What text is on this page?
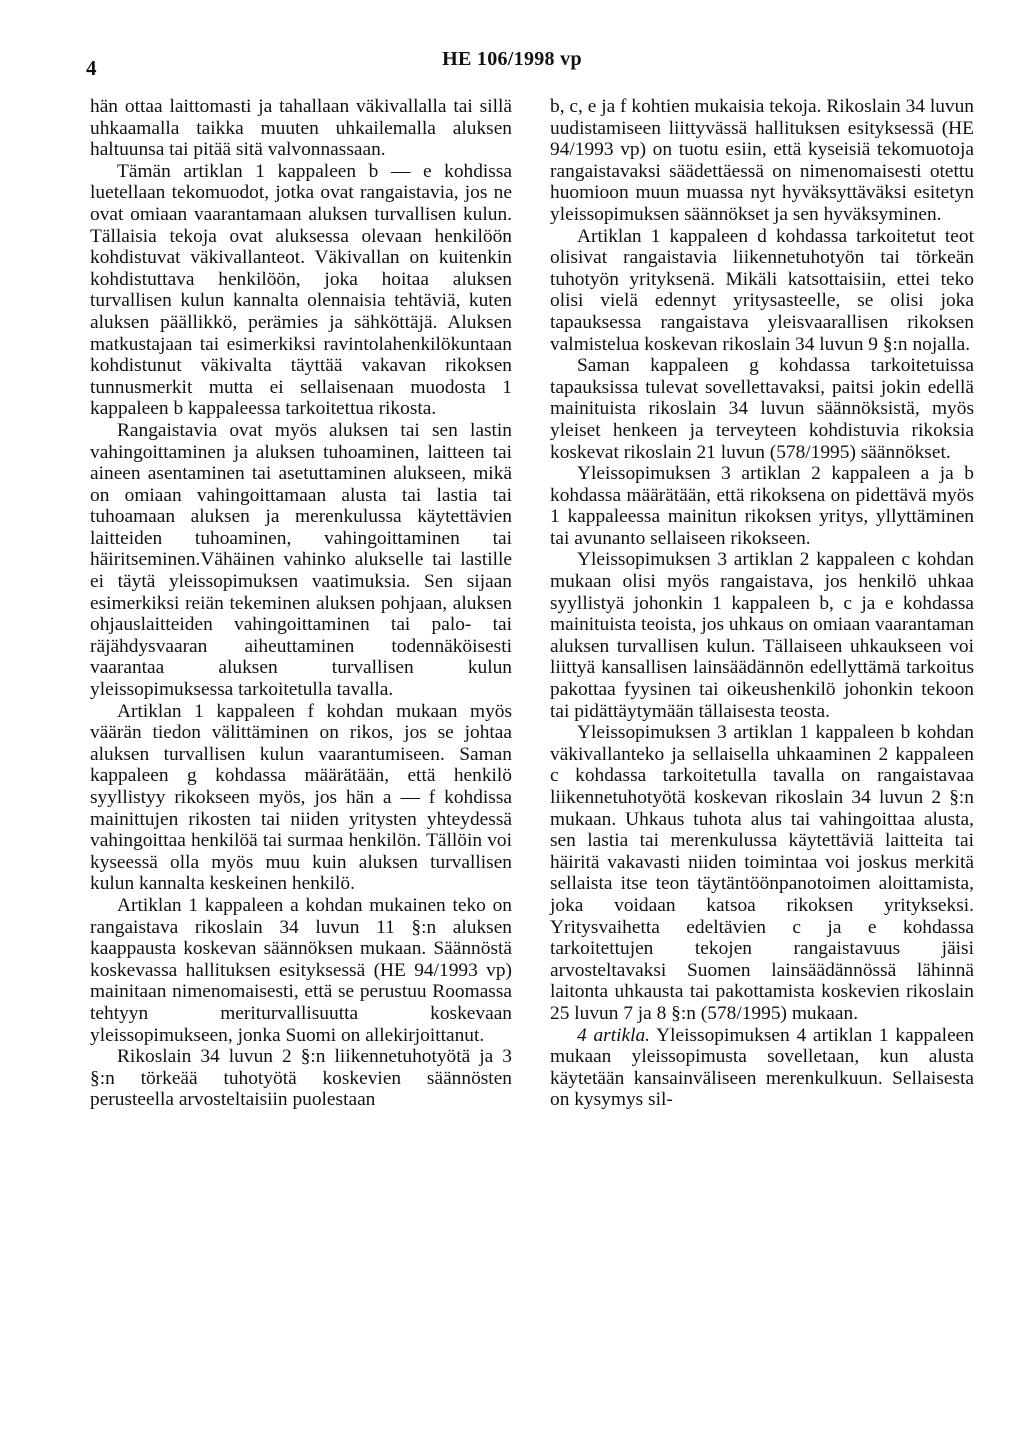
4	HE 106/1998 vp

hän ottaa laittomasti ja tahallaan väkivallalla tai sillä uhkaamalla taikka muuten uhkailemalla aluksen haltuunsa tai pitää sitä valvonnassaan.

Tämän artiklan 1 kappaleen b — e kohdissa luetellaan tekomuodot, jotka ovat rangaistavia, jos ne ovat omiaan vaarantamaan aluksen turvallisen kulun. Tällaisia tekoja ovat aluksessa olevaan henkilöön kohdistuvat väkivallanteot. Väkivallan on kuitenkin kohdistuttava henkilöön, joka hoitaa aluksen turvallisen kulun kannalta olennaisia tehtäviä, kuten aluksen päällikkö, perämies ja sähköttäjä. Aluksen matkustajaan tai esimerkiksi ravintolahenkilökuntaan kohdistunut väkivalta täyttää vakavan rikoksen tunnusmerkit mutta ei sellaisenaan muodosta 1 kappaleen b kappaleessa tarkoitettua rikosta.

Rangaistavia ovat myös aluksen tai sen lastin vahingoittaminen ja aluksen tuhoaminen, laitteen tai aineen asentaminen tai asetuttaminen alukseen, mikä on omiaan vahingoittamaan alusta tai lastia tai tuhoamaan aluksen ja merenkulussa käytettävien laitteiden tuhoaminen, vahingoittaminen tai häiritseminen.Vähäinen vahinko alukselle tai lastille ei täytä yleissopimuksen vaatimuksia. Sen sijaan esimerkiksi reiän tekeminen aluksen pohjaan, aluksen ohjauslaitteiden vahingoittaminen tai palo- tai räjähdysvaaran aiheuttaminen todennäköisesti vaarantaa aluksen turvallisen kulun yleissopimuksessa tarkoitetulla tavalla.

Artiklan 1 kappaleen f kohdan mukaan myös väärän tiedon välittäminen on rikos, jos se johtaa aluksen turvallisen kulun vaarantumiseen. Saman kappaleen g kohdassa määrätään, että henkilö syyllistyy rikokseen myös, jos hän a — f kohdissa mainittujen rikosten tai niiden yritysten yhteydessä vahingoittaa henkilöä tai surmaa henkilön. Tällöin voi kyseessä olla myös muu kuin aluksen turvallisen kulun kannalta keskeinen henkilö.

Artiklan 1 kappaleen a kohdan mukainen teko on rangaistava rikoslain 34 luvun 11 §:n aluksen kaappausta koskevan säännöksen mukaan. Säännöstä koskevassa hallituksen esityksessä (HE 94/1993 vp) mainitaan nimenomaisesti, että se perustuu Roomassa tehtyyn meriturvallisuutta koskevaan yleissopimukseen, jonka Suomi on allekirjoittanut.

Rikoslain 34 luvun 2 §:n liikennetuhotyötä ja 3 §:n törkeää tuhotyötä koskevien säännösten perusteella arvosteltaisiin puolestaan

b, c, e ja f kohtien mukaisia tekoja. Rikoslain 34 luvun uudistamiseen liittyvässä hallituksen esityksessä (HE 94/1993 vp) on tuotu esiin, että kyseisiä tekomuotoja rangaistavaksi säädettäessä on nimenomaisesti otettu huomioon muun muassa nyt hyväksyttäväksi esitetyn yleissopimuksen säännökset ja sen hyväksyminen.

Artiklan 1 kappaleen d kohdassa tarkoitetut teot olisivat rangaistavia liikennetuhotyön tai törkeän tuhotyön yrityksenä. Mikäli katsottaisiin, ettei teko olisi vielä edennyt yritysasteelle, se olisi joka tapauksessa rangaistava yleisvaarallisen rikoksen valmistelua koskevan rikoslain 34 luvun 9 §:n nojalla.

Saman kappaleen g kohdassa tarkoitetuissa tapauksissa tulevat sovellettavaksi, paitsi jokin edellä mainituista rikoslain 34 luvun säännöksistä, myös yleiset henkeen ja terveyteen kohdistuvia rikoksia koskevat rikoslain 21 luvun (578/1995) säännökset.

Yleissopimuksen 3 artiklan 2 kappaleen a ja b kohdassa määrätään, että rikoksena on pidettävä myös 1 kappaleessa mainitun rikoksen yritys, yllyttäminen tai avunanto sellaiseen rikokseen.

Yleissopimuksen 3 artiklan 2 kappaleen c kohdan mukaan olisi myös rangaistava, jos henkilö uhkaa syyllistyä johonkin 1 kappaleen b, c ja e kohdassa mainituista teoista, jos uhkaus on omiaan vaarantaman aluksen turvallisen kulun. Tällaiseen uhkaukseen voi liittyä kansallisen lainsäädännön edellyttämä tarkoitus pakottaa fyysinen tai oikeushenkilö johonkin tekoon tai pidättäytymään tällaisesta teosta.

Yleissopimuksen 3 artiklan 1 kappaleen b kohdan väkivallanteko ja sellaisella uhkaaminen 2 kappaleen c kohdassa tarkoitetulla tavalla on rangaistavaa liikennetuhotyötä koskevan rikoslain 34 luvun 2 §:n mukaan. Uhkaus tuhota alus tai vahingoittaa alusta, sen lastia tai merenkulussa käytettäviä laitteita tai häiritä vakavasti niiden toimintaa voi joskus merkitä sellaista itse teon täytäntöönpanotoimen aloittamista, joka voidaan katsoa rikoksen yritykseksi. Yritysvaihetta edeltävien c ja e kohdassa tarkoitettujen tekojen rangaistavuus jäisi arvosteltavaksi Suomen lainsäädännössä lähinnä laitonta uhkausta tai pakottamista koskevien rikoslain 25 luvun 7 ja 8 §:n (578/1995) mukaan.

4 artikla. Yleissopimuksen 4 artiklan 1 kappaleen mukaan yleissopimusta sovelletaan, kun alusta käytetään kansainväliseen merenkulkuun. Sellaisesta on kysymys sil-
